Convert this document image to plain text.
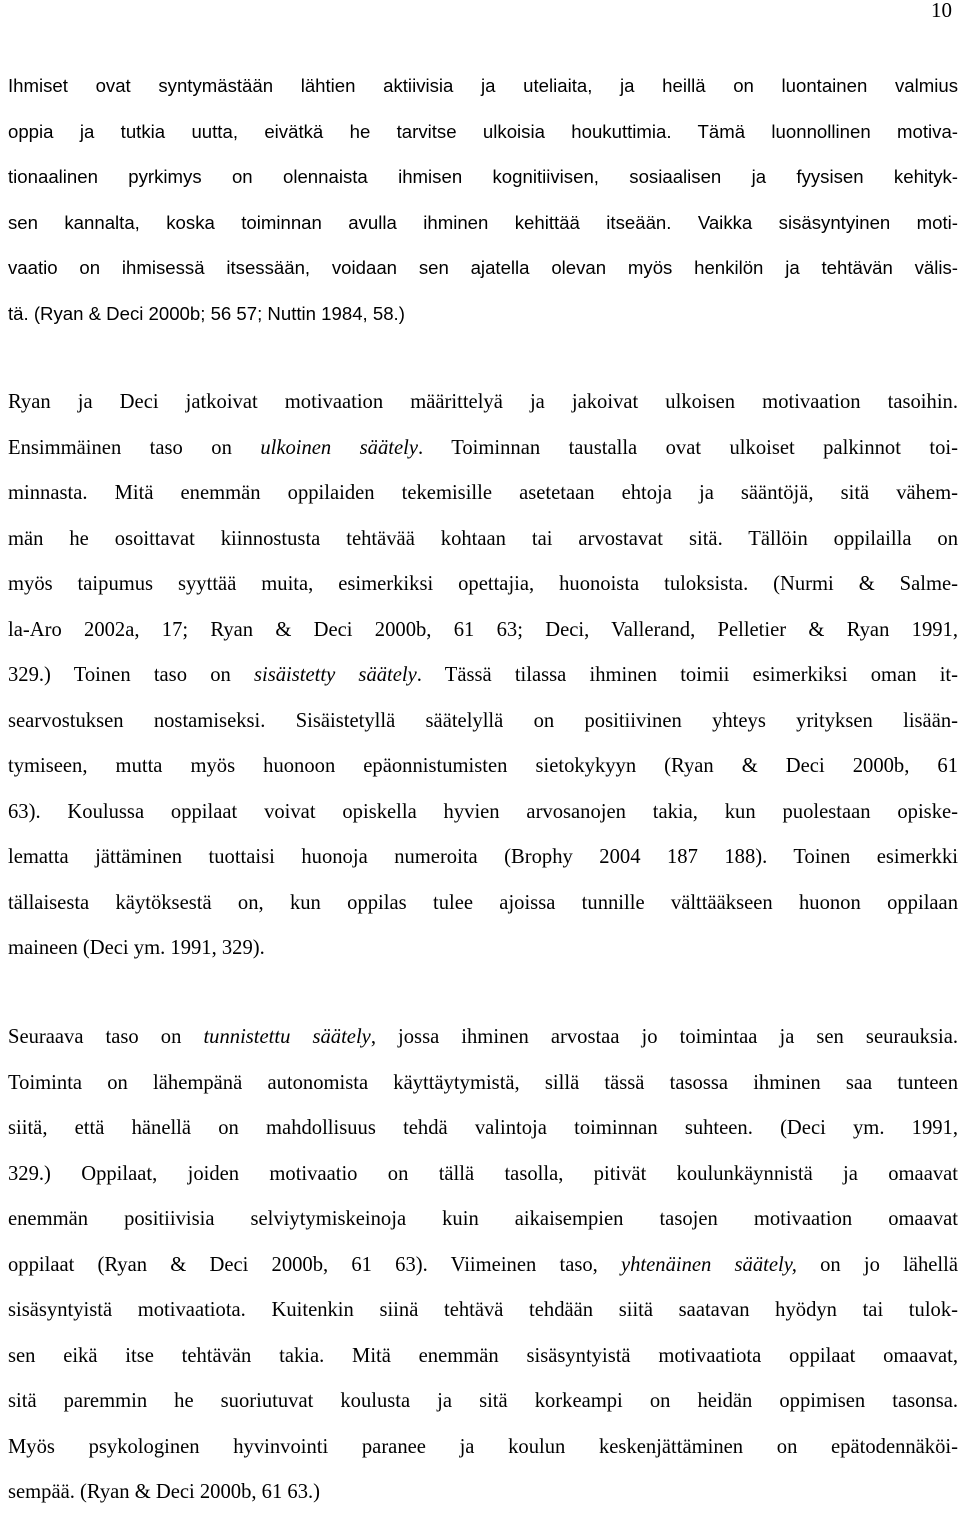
10
Ihmiset ovat syntymästään lähtien aktiivisia ja uteliaita, ja heillä on luontainen valmius
oppia ja tutkia uutta, eivätkä he tarvitse ulkoisia houkuttimia. Tämä luonnollinen motiva-
tionaalinen pyrkimys on olennaista ihmisen kognitiivisen, sosiaalisen ja fyysisen kehityk-
sen kannalta, koska toiminnan avulla ihminen kehittää itseään. Vaikka sisäsyntyinen moti-
vaatio on ihmisessä itsessään, voidaan sen ajatella olevan myös henkilön ja tehtävän välis-
tä. (Ryan & Deci 2000b; 56 57; Nuttin 1984, 58.)
Ryan ja Deci jatkoivat motivaation määrittelyä ja jakoivat ulkoisen motivaation tasoihin.
Ensimmäinen taso on ulkoinen säätely. Toiminnan taustalla ovat ulkoiset palkinnot toi-
minnasta. Mitä enemmän oppilaiden tekemisille asetetaan ehtoja ja sääntöjä, sitä vähem-
män he osoittavat kiinnostusta tehtävää kohtaan tai arvostavat sitä. Tällöin oppilailla on
myös taipumus syyttää muita, esimerkiksi opettajia, huonoista tuloksista. (Nurmi & Salme-
la-Aro 2002a, 17; Ryan & Deci 2000b, 61 63; Deci, Vallerand, Pelletier & Ryan 1991,
329.) Toinen taso on sisäistetty säätely. Tässä tilassa ihminen toimii esimerkiksi oman it-
searvostuksen nostamiseksi. Sisäistetyllä säätelyllä on positiivinen yhteys yrityksen lisään-
tymiseen, mutta myös huonoon epäonnistumisten sietokykyyn (Ryan & Deci 2000b, 61
63). Koulussa oppilaat voivat opiskella hyvien arvosanojen takia, kun puolestaan opiske-
lematta jättäminen tuottaisi huonoja numeroita (Brophy 2004 187 188). Toinen esimerkki
tällaisesta käytöksestä on, kun oppilas tulee ajoissa tunnille välttääkseen huonon oppilaan
maineen (Deci ym. 1991, 329).
Seuraava taso on tunnistettu säätely, jossa ihminen arvostaa jo toimintaa ja sen seurauksia.
Toiminta on lähempänä autonomista käyttäytymistä, sillä tässä tasossa ihminen saa tunteen
siitä, että hänellä on mahdollisuus tehdä valintoja toiminnan suhteen. (Deci ym. 1991,
329.) Oppilaat, joiden motivaatio on tällä tasolla, pitivät koulunkäynnistä ja omaavat
enemmän positiivisia selviytymiskeinoja kuin aikaisempien tasojen motivaation omaavat
oppilaat (Ryan & Deci 2000b, 61 63). Viimeinen taso, yhtenäinen säätely, on jo lähellä
sisäsyntyistä motivaatiota. Kuitenkin siinä tehtävä tehdään siitä saatavan hyödyn tai tulok-
sen eikä itse tehtävän takia. Mitä enemmän sisäsyntyistä motivaatiota oppilaat omaavat,
sitä paremmin he suoriutuvat koulusta ja sitä korkeampi on heidän oppimisen tasonsa.
Myös psykologinen hyvinvointi paranee ja koulun keskenjättäminen on epätodennäköi-
sempää. (Ryan & Deci 2000b, 61 63.)
